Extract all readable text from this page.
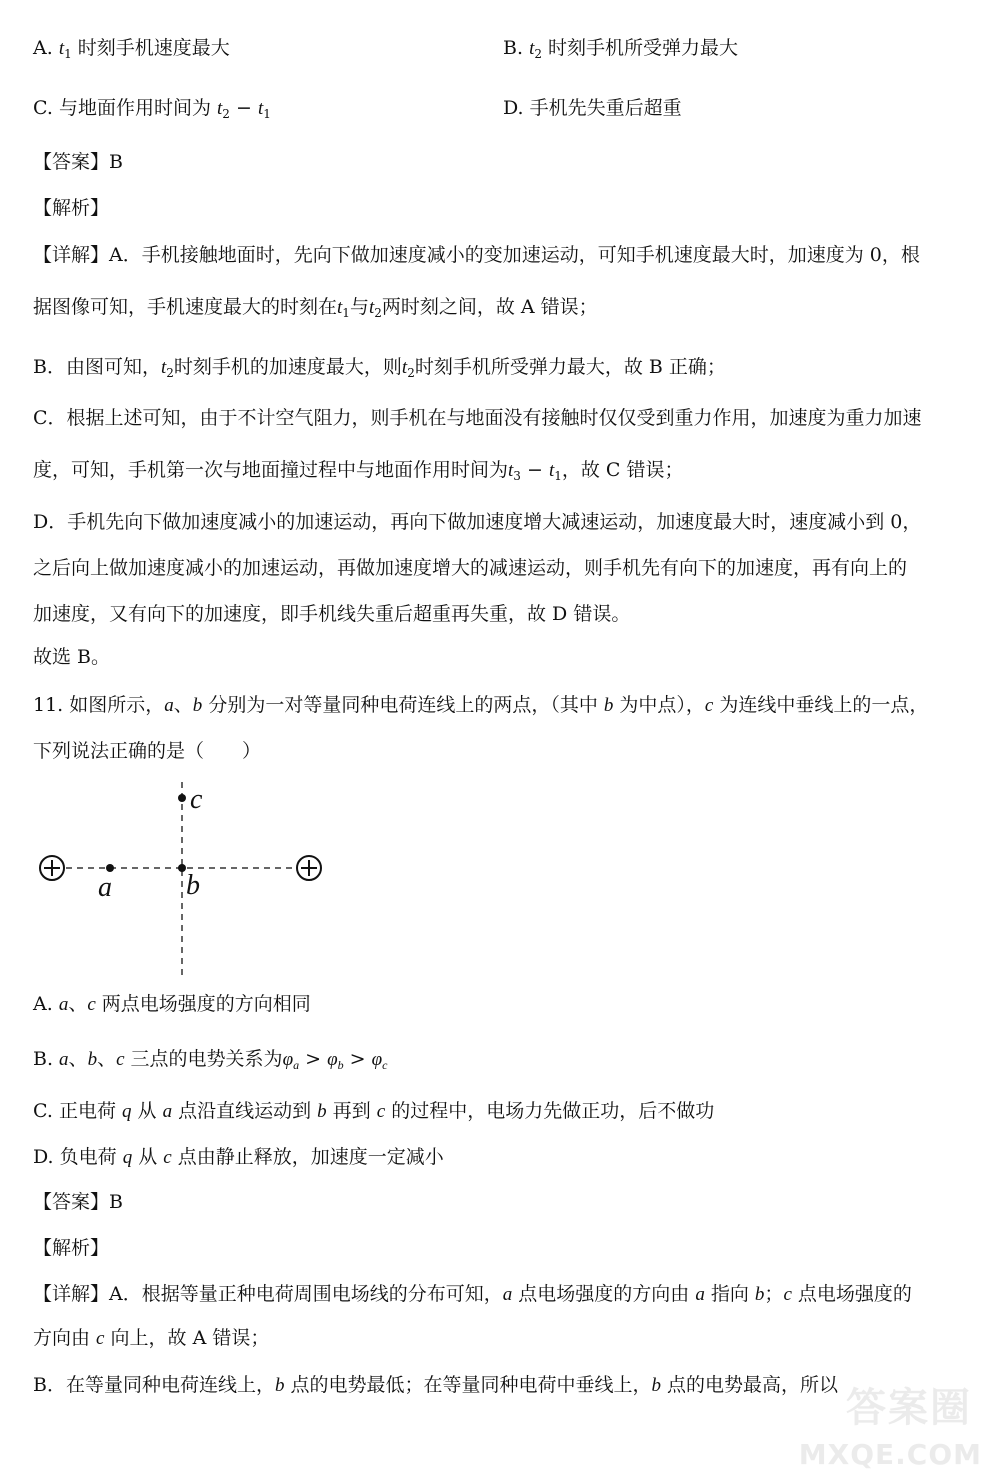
A. $t_1$ 时刻手机速度最大	B. $t_2$ 时刻手机所受弹力最大
C. 与地面作用时间为 $t_2 - t_1$	D. 手机先失重后超重
【答案】B
【解析】
【详解】A．手机接触地面时，先向下做加速度减小的变加速运动，可知手机速度最大时，加速度为 0，根
据图像可知，手机速度最大的时刻在$t_1$与$t_2$两时刻之间，故 A 错误；
B．由图可知，$t_2$时刻手机的加速度最大，则$t_2$时刻手机所受弹力最大，故 B 正确；
C．根据上述可知，由于不计空气阻力，则手机在与地面没有接触时仅仅受到重力作用，加速度为重力加速
度，可知，手机第一次与地面撞过程中与地面作用时间为$t_3 - t_1$，故 C 错误；
D．手机先向下做加速度减小的加速运动，再向下做加速度增大减速运动，加速度最大时，速度减小到 0，
之后向上做加速度减小的加速运动，再做加速度增大的减速运动，则手机先有向下的加速度，再有向上的
加速度，又有向下的加速度，即手机线失重后超重再失重，故 D 错误。
故选 B。
11. 如图所示，a、b 分别为一对等量同种电荷连线上的两点，（其中 b 为中点），c 为连线中垂线上的一点，
下列说法正确的是（　　）
a	b
c
A. a、c 两点电场强度的方向相同
B. a、b、c 三点的电势关系为$\varphi_a > \varphi_b > \varphi_c$
C. 正电荷 q 从 a 点沿直线运动到 b 再到 c 的过程中，电场力先做正功，后不做功
D. 负电荷 q 从 c 点由静止释放，加速度一定减小
【答案】B
【解析】
【详解】A．根据等量正种电荷周围电场线的分布可知，a 点电场强度的方向由 a 指向 b；c 点电场强度的
方向由 c 向上，故 A 错误；
B．在等量同种电荷连线上，b 点的电势最低；在等量同种电荷中垂线上，b 点的电势最高，所以 答案圈
MXQE.COM
